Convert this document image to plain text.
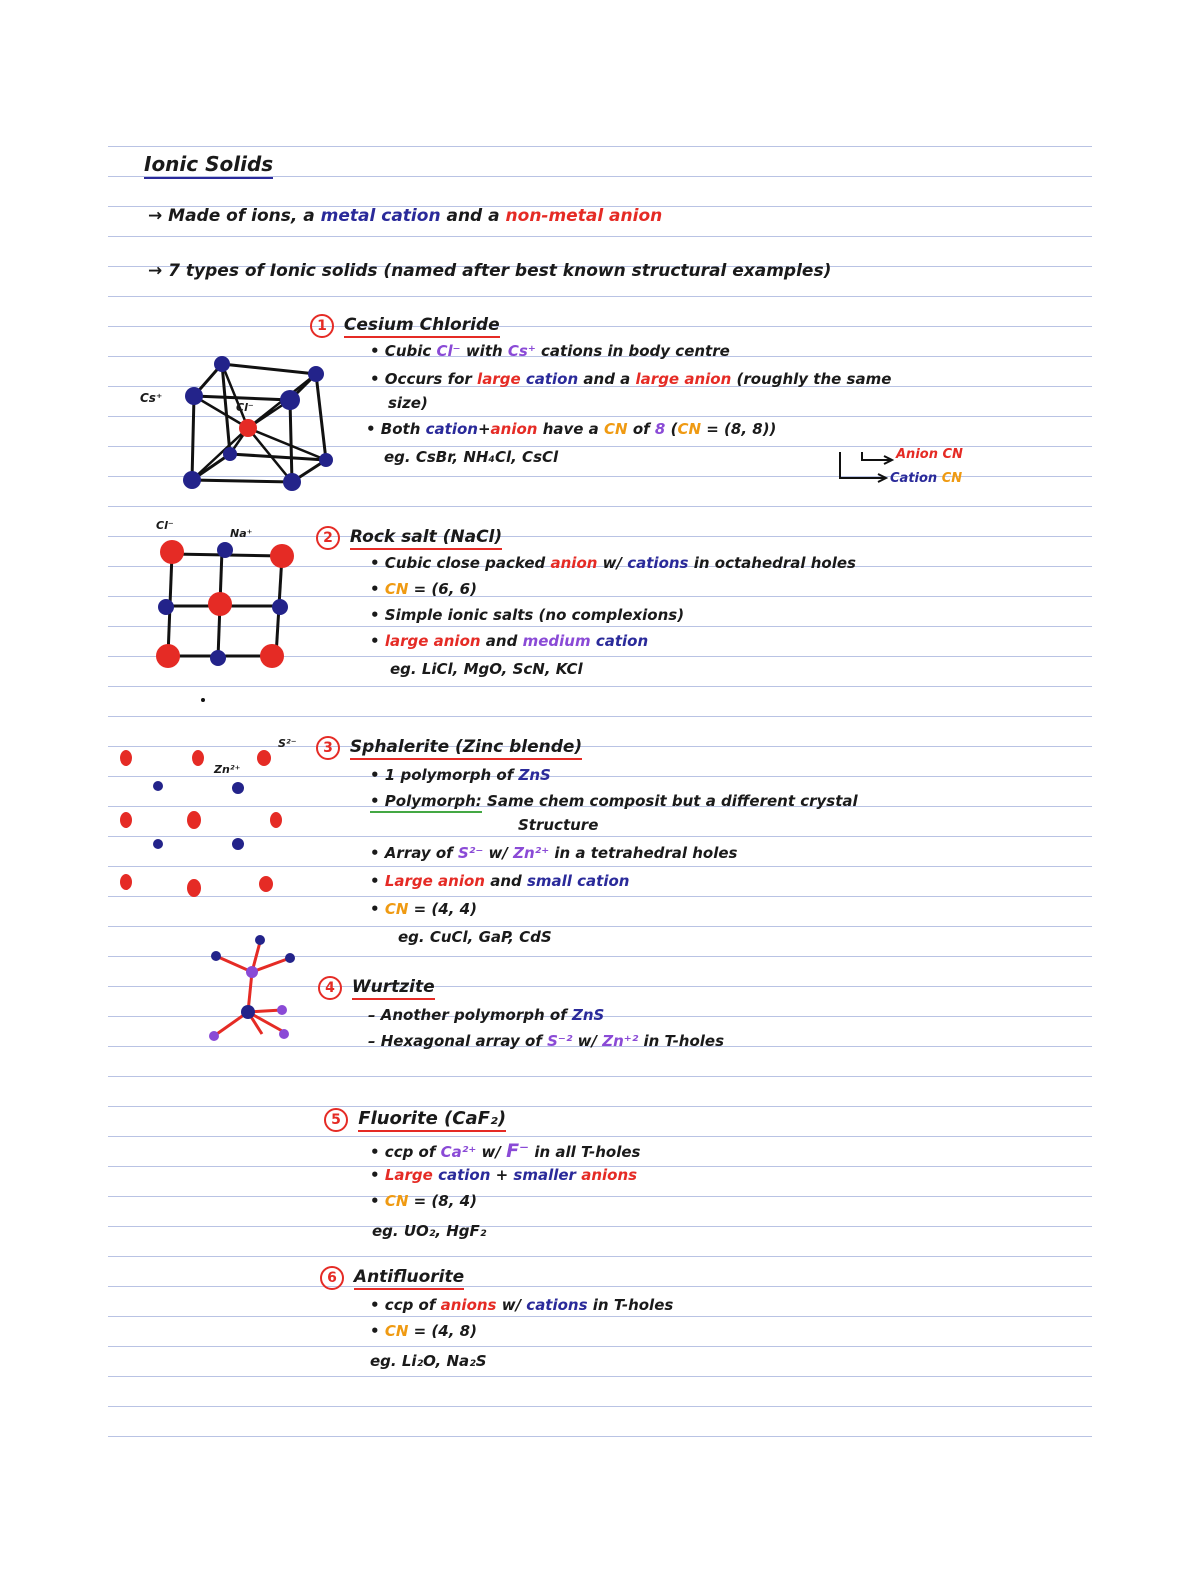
Ionic Solids
→ Made of ions, a metal cation and a non-metal anion
→ 7 types of Ionic solids (named after best known structural examples)
1 Cesium Chloride
• Cubic Cl⁻ with Cs⁺ cations in body centre
• Occurs for large cation and a large anion (roughly the same
size)
• Both cation+anion have a CN of 8 (CN = (8, 8))
eg. CsBr, NH₄Cl, CsCl	Anion CN
Cation CN
Cs⁺
Cl⁻
2 Rock salt (NaCl)
• Cubic close packed anion w/ cations in octahedral holes
• CN = (6, 6)
• Simple ionic salts (no complexions)
• large anion and medium cation
eg. LiCl, MgO, ScN, KCl
Cl⁻
Na⁺
3 Sphalerite (Zinc blende)
• 1 polymorph of ZnS
• Polymorph: Same chem composit but a different crystal
Structure
• Array of S²⁻ w/ Zn²⁺ in a tetrahedral holes
• Large anion and small cation
• CN = (4, 4)
eg. CuCl, GaP, CdS
S²⁻
Zn²⁺
4 Wurtzite
– Another polymorph of ZnS
– Hexagonal array of S⁻² w/ Zn⁺² in T-holes
5 Fluorite (CaF₂)
• ccp of Ca²⁺ w/ F⁻ in all T-holes
• Large cation + smaller anions
• CN = (8, 4)
eg. UO₂, HgF₂
6 Antifluorite
• ccp of anions w/ cations in T-holes
• CN = (4, 8)
eg. Li₂O, Na₂S
